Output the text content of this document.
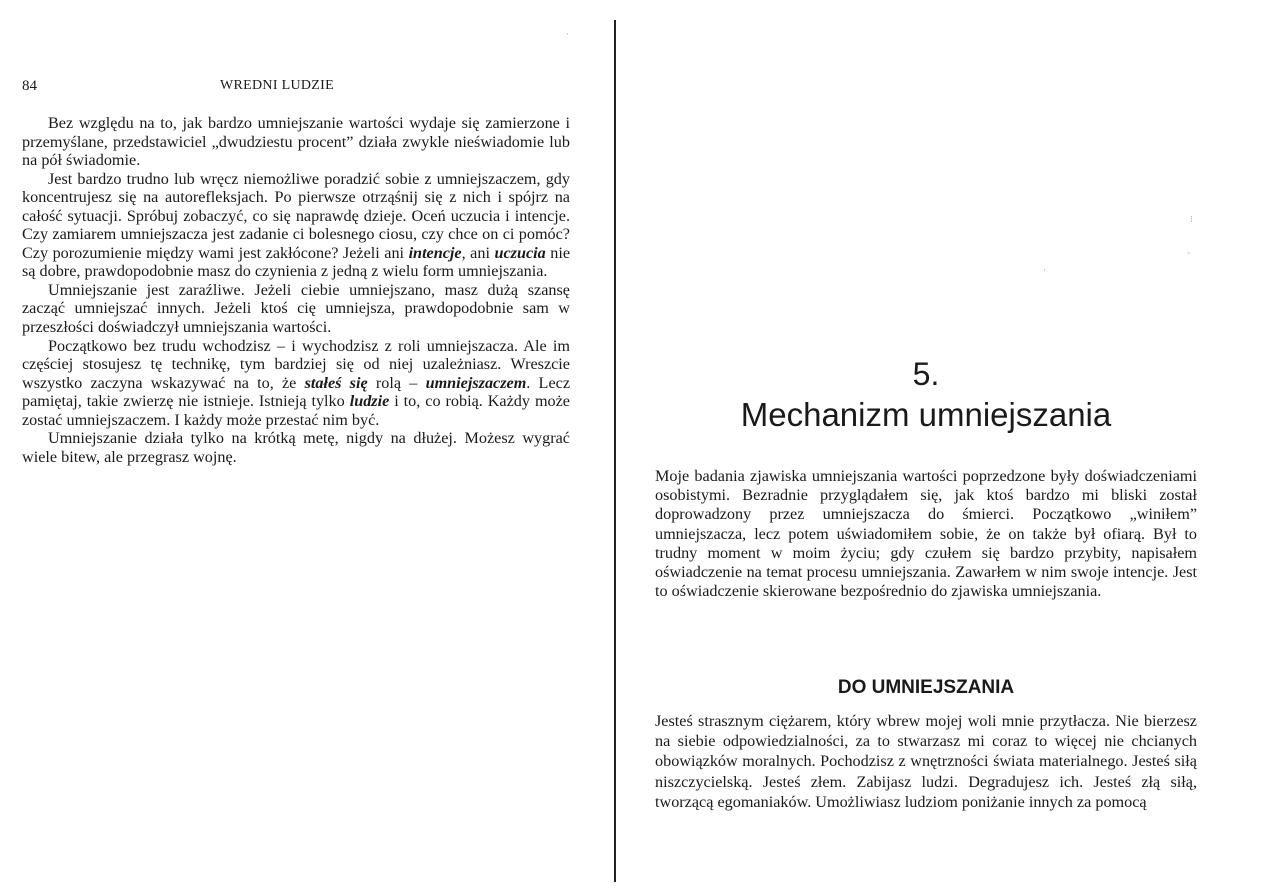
·
⁝
˘
·
84	WREDNI LUDZIE

Bez względu na to, jak bardzo umniejszanie wartości wydaje się zamierzone i przemyślane, przedstawiciel „dwudziestu procent” działa zwykle nieświadomie lub na pół świadomie.

Jest bardzo trudno lub wręcz niemożliwe poradzić sobie z umniejszaczem, gdy koncentrujesz się na autorefleksjach. Po pierwsze otrząśnij się z nich i spójrz na całość sytuacji. Spróbuj zobaczyć, co się naprawdę dzieje. Oceń uczucia i intencje. Czy zamiarem umniejszacza jest zadanie ci bolesnego ciosu, czy chce on ci pomóc? Czy porozumienie między wami jest zakłócone? Jeżeli ani intencje, ani uczucia nie są dobre, prawdopodobnie masz do czynienia z jedną z wielu form umniejszania.

Umniejszanie jest zaraźliwe. Jeżeli ciebie umniejszano, masz dużą szansę zacząć umniejszać innych. Jeżeli ktoś cię umniejsza, prawdopodobnie sam w przeszłości doświadczył umniejszania wartości.

Początkowo bez trudu wchodzisz – i wychodzisz z roli umniejszacza. Ale im częściej stosujesz tę technikę, tym bardziej się od niej uzależniasz. Wreszcie wszystko zaczyna wskazywać na to, że stałeś się rolą – umniejszaczem. Lecz pamiętaj, takie zwierzę nie istnieje. Istnieją tylko ludzie i to, co robią. Każdy może zostać umniejszaczem. I każdy może przestać nim być.

Umniejszanie działa tylko na krótką metę, nigdy na dłużej. Możesz wygrać wiele bitew, ale przegrasz wojnę.

5.
Mechanizm umniejszania

Moje badania zjawiska umniejszania wartości poprzedzone były doświadczeniami osobistymi. Bezradnie przyglądałem się, jak ktoś bardzo mi bliski został doprowadzony przez umniejszacza do śmierci. Początkowo „winiłem” umniejszacza, lecz potem uświadomiłem sobie, że on także był ofiarą. Był to trudny moment w moim życiu; gdy czułem się bardzo przybity, napisałem oświadczenie na temat procesu umniejszania. Zawarłem w nim swoje intencje. Jest to oświadczenie skierowane bezpośrednio do zjawiska umniejszania.

DO UMNIEJSZANIA

Jesteś strasznym ciężarem, który wbrew mojej woli mnie przytłacza. Nie bierzesz na siebie odpowiedzialności, za to stwarzasz mi coraz to więcej nie chcianych obowiązków moralnych. Pochodzisz z wnętrzności świata materialnego. Jesteś siłą niszczycielską. Jesteś złem. Zabijasz ludzi. Degradujesz ich. Jesteś złą siłą, tworzącą egomaniaków. Umożliwiasz ludziom poniżanie innych za pomocą
